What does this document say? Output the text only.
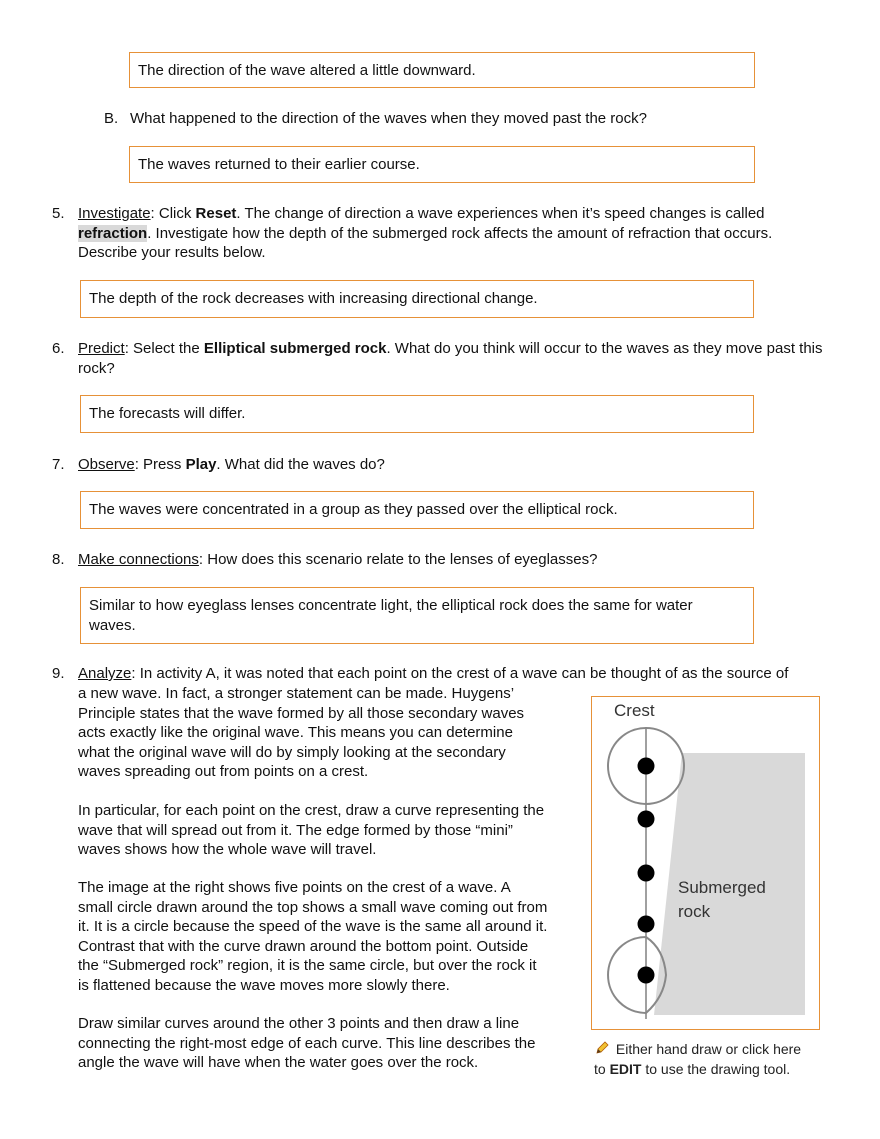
The direction of the wave altered a little downward.
B. What happened to the direction of the waves when they moved past the rock?
The waves returned to their earlier course.
5. Investigate: Click Reset. The change of direction a wave experiences when it’s speed changes is called refraction. Investigate how the depth of the submerged rock affects the amount of refraction that occurs. Describe your results below.
The depth of the rock decreases with increasing directional change.
6. Predict: Select the Elliptical submerged rock. What do you think will occur to the waves as they move past this rock?
The forecasts will differ.
7. Observe: Press Play. What did the waves do?
The waves were concentrated in a group as they passed over the elliptical rock.
8. Make connections: How does this scenario relate to the lenses of eyeglasses?
Similar to how eyeglass lenses concentrate light, the elliptical rock does the same for water
waves.
9. Analyze: In activity A, it was noted that each point on the crest of a wave can be thought of as the source of
a new wave. In fact, a stronger statement can be made. Huygens’
Principle states that the wave formed by all those secondary waves
acts exactly like the original wave. This means you can determine
what the original wave will do by simply looking at the secondary
waves spreading out from points on a crest.
In particular, for each point on the crest, draw a curve representing the
wave that will spread out from it. The edge formed by those “mini”
waves shows how the whole wave will travel.
The image at the right shows five points on the crest of a wave. A
small circle drawn around the top shows a small wave coming out from
it. It is a circle because the speed of the wave is the same all around it.
Contrast that with the curve drawn around the bottom point. Outside
the “Submerged rock” region, it is the same circle, but over the rock it
is flattened because the wave moves more slowly there.
Draw similar curves around the other 3 points and then draw a line
connecting the right-most edge of each curve. This line describes the
angle the wave will have when the water goes over the rock.
Crest
Submerged
rock
Either hand draw or click here
to EDIT to use the drawing tool.
